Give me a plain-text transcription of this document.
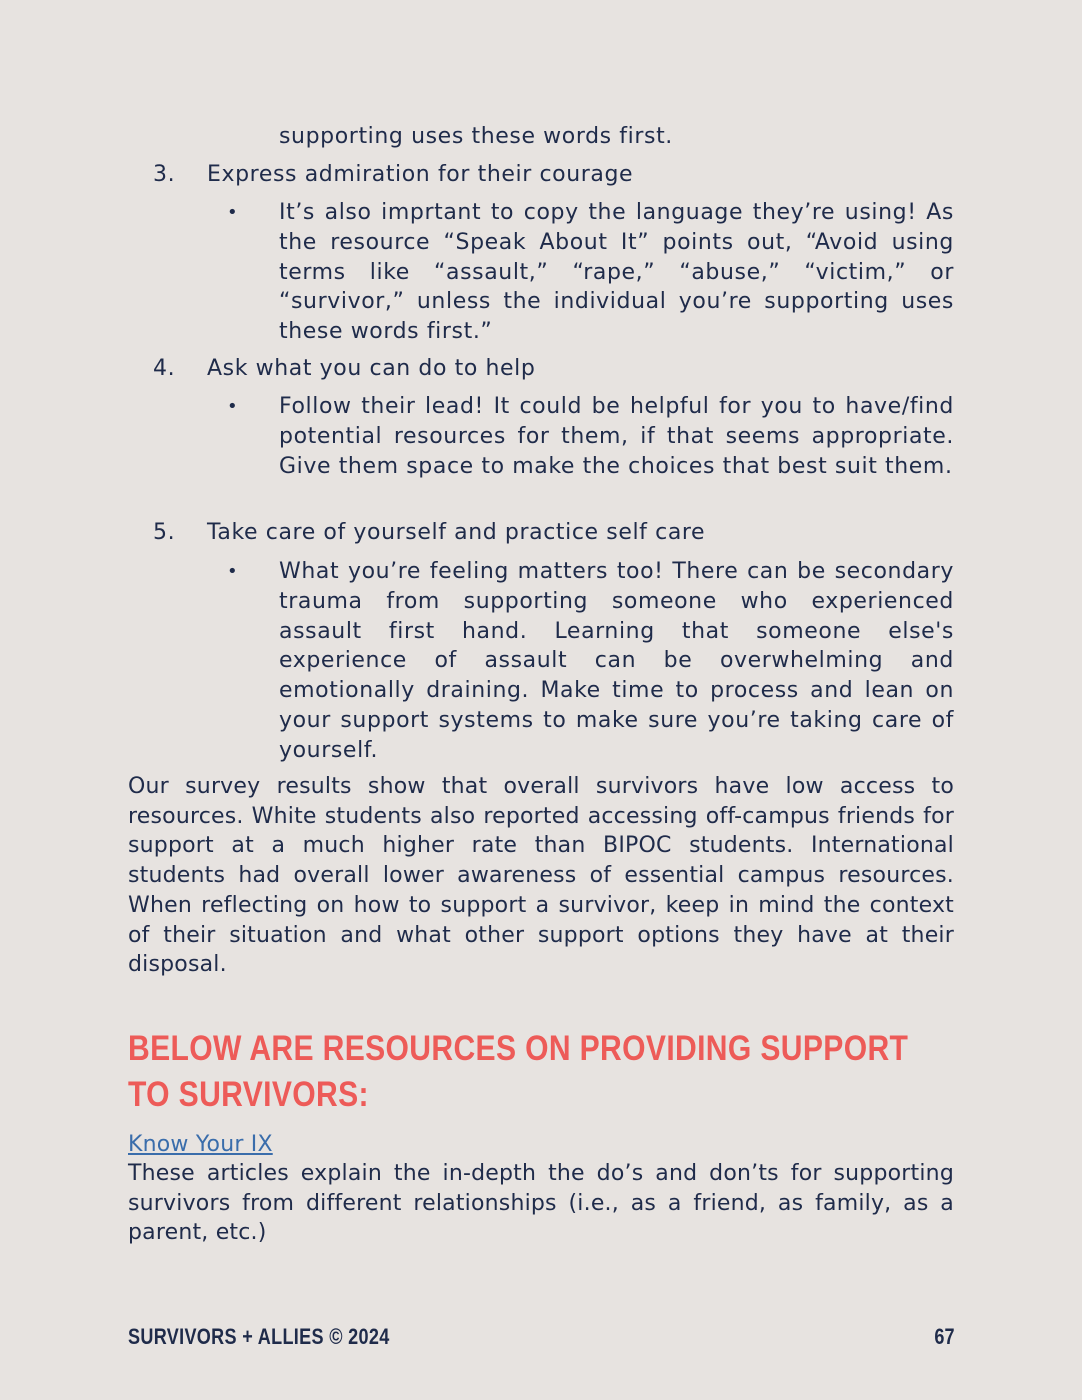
supporting uses these words first.
3. Express admiration for their courage
• It’s also imprtant to copy the language they’re using! As the resource “Speak About It” points out, “Avoid using terms like “assault,” “rape,” “abuse,” “victim,” or “survivor,” unless the individual you’re supporting uses these words first.”
4. Ask what you can do to help
• Follow their lead! It could be helpful for you to have/find potential resources for them, if that seems appropriate. Give them space to make the choices that best suit them.
5. Take care of yourself and practice self care
• What you’re feeling matters too! There can be secondary trauma from supporting someone who experienced assault first hand. Learning that someone else's experience of assault can be overwhelming and emotionally draining. Make time to process and lean on your support systems to make sure you’re taking care of yourself.
Our survey results show that overall survivors have low access to resources. White students also reported accessing off-campus friends for support at a much higher rate than BIPOC students. International students had overall lower awareness of essential campus resources. When reflecting on how to support a survivor, keep in mind the context of their situation and what other support options they have at their disposal.
BELOW ARE RESOURCES ON PROVIDING SUPPORT TO SURVIVORS:
Know Your IX
These articles explain the in-depth the do’s and don’ts for supporting survivors from different relationships (i.e., as a friend, as family, as a parent, etc.)
SURVIVORS + ALLIES © 2024	67
